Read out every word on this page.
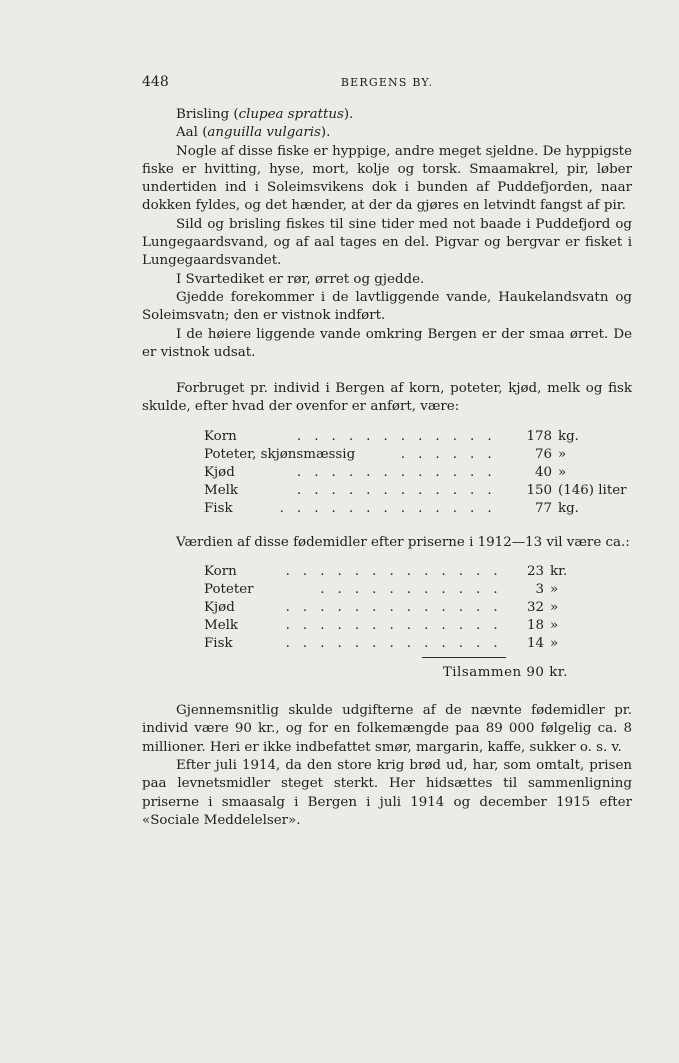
448	BERGENS BY.

Brisling (clupea sprattus).

Aal (anguilla vulgaris).

Nogle af disse fiske er hyppige, andre meget sjeldne. De hyppigste fiske er hvitting, hyse, mort, kolje og torsk. Smaamakrel, pir, løber undertiden ind i Soleimsvikens dok i bunden af Puddefjorden, naar dokken fyldes, og det hænder, at der da gjøres en letvindt fangst af pir.

Sild og brisling fiskes til sine tider med not baade i Puddefjord og Lungegaardsvand, og af aal tages en del. Pigvar og bergvar er fisket i Lungegaardsvandet.

I Svartediket er rør, ørret og gjedde.

Gjedde forekommer i de lavtliggende vande, Haukelandsvatn og Soleimsvatn; den er vistnok indført.

I de høiere liggende vande omkring Bergen er der smaa ørret. De er vistnok udsat.

Forbruget pr. individ i Bergen af korn, poteter, kjød, melk og fisk skulde, efter hvad der ovenfor er anført, være:

Korn	. . . . . . . . . . . .	178 kg.
Poteter, skjønsmæssig	. . . . . .	76 »
Kjød	. . . . . . . . . . . .	40 »
Melk	. . . . . . . . . . . .	150 (146) liter
Fisk	. . . . . . . . . . . . .	77 kg.

Værdien af disse fødemidler efter priserne i 1912—13 vil være ca.:

Korn	. . . . . . . . . . . . .	23 kr.
Poteter	. . . . . . . . . . .	3 »
Kjød	. . . . . . . . . . . . .	32 »
Melk	. . . . . . . . . . . . .	18 »
Fisk	. . . . . . . . . . . . .	14 »
Tilsammen 90 kr.

Gjennemsnitlig skulde udgifterne af de nævnte fødemidler pr. individ være 90 kr., og for en folkemængde paa 89 000 følgelig ca. 8 millioner. Heri er ikke indbefattet smør, margarin, kaffe, sukker o. s. v.

Efter juli 1914, da den store krig brød ud, har, som omtalt, prisen paa levnetsmidler steget sterkt. Her hidsættes til sammenligning priserne i smaasalg i Bergen i juli 1914 og december 1915 efter «Sociale Meddelelser».
